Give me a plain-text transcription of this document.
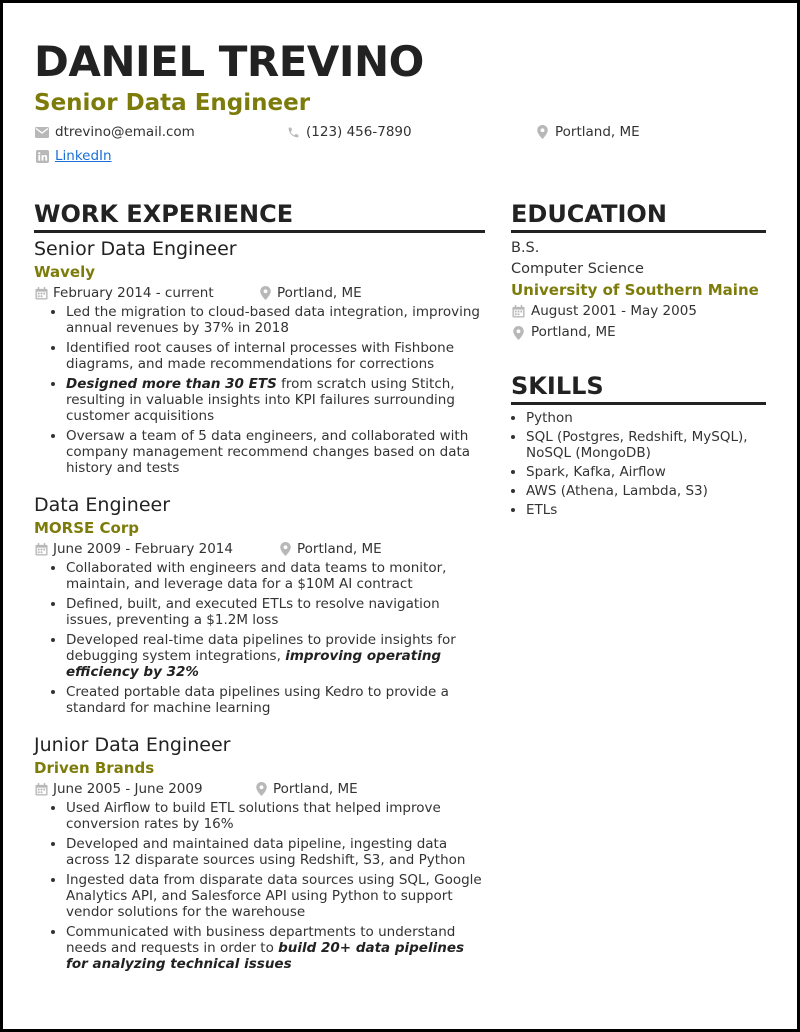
DANIEL TREVINO
Senior Data Engineer
dtrevino@email.com	(123) 456-7890	Portland, ME
LinkedIn
WORK EXPERIENCE
Senior Data Engineer
Wavely
February 2014 - current	Portland, ME
• Led the migration to cloud-based data integration, improving annual revenues by 37% in 2018
• Identified root causes of internal processes with Fishbone diagrams, and made recommendations for corrections
• Designed more than 30 ETS from scratch using Stitch, resulting in valuable insights into KPI failures surrounding customer acquisitions
• Oversaw a team of 5 data engineers, and collaborated with company management recommend changes based on data history and tests
Data Engineer
MORSE Corp
June 2009 - February 2014	Portland, ME
• Collaborated with engineers and data teams to monitor, maintain, and leverage data for a $10M AI contract
• Defined, built, and executed ETLs to resolve navigation issues, preventing a $1.2M loss
• Developed real-time data pipelines to provide insights for debugging system integrations, improving operating efficiency by 32%
• Created portable data pipelines using Kedro to provide a standard for machine learning
Junior Data Engineer
Driven Brands
June 2005 - June 2009	Portland, ME
• Used Airflow to build ETL solutions that helped improve conversion rates by 16%
• Developed and maintained data pipeline, ingesting data across 12 disparate sources using Redshift, S3, and Python
• Ingested data from disparate data sources using SQL, Google Analytics API, and Salesforce API using Python to support vendor solutions for the warehouse
• Communicated with business departments to understand needs and requests in order to build 20+ data pipelines for analyzing technical issues
EDUCATION
B.S.
Computer Science
University of Southern Maine
August 2001 - May 2005
Portland, ME
SKILLS
• Python
• SQL (Postgres, Redshift, MySQL), NoSQL (MongoDB)
• Spark, Kafka, Airflow
• AWS (Athena, Lambda, S3)
• ETLs
